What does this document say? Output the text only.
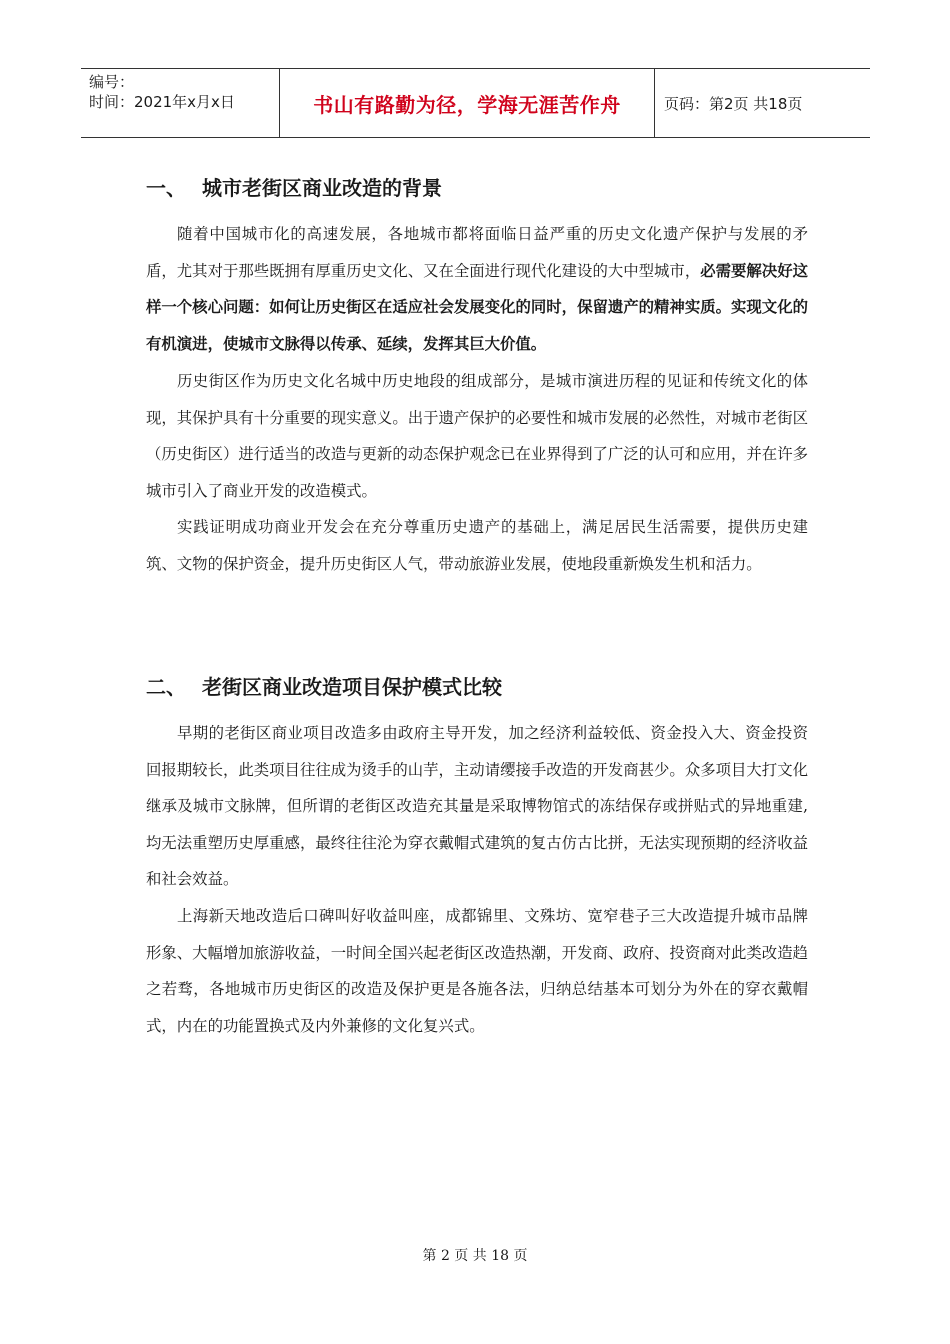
编号：
时间：2021年x月x日	书山有路勤为径，学海无涯苦作舟	页码：第2页 共18页
一、 城市老街区商业改造的背景

随着中国城市化的高速发展，各地城市都将面临日益严重的历史文化遗产保护与发展的矛盾，尤其对于那些既拥有厚重历史文化、又在全面进行现代化建设的大中型城市，必需要解决好这样一个核心问题：如何让历史街区在适应社会发展变化的同时，保留遗产的精神实质。实现文化的有机演进，使城市文脉得以传承、延续，发挥其巨大价值。

历史街区作为历史文化名城中历史地段的组成部分，是城市演进历程的见证和传统文化的体现，其保护具有十分重要的现实意义。出于遗产保护的必要性和城市发展的必然性，对城市老街区（历史街区）进行适当的改造与更新的动态保护观念已在业界得到了广泛的认可和应用，并在许多城市引入了商业开发的改造模式。

实践证明成功商业开发会在充分尊重历史遗产的基础上，满足居民生活需要，提供历史建筑、文物的保护资金，提升历史街区人气，带动旅游业发展，使地段重新焕发生机和活力。

二、 老街区商业改造项目保护模式比较

早期的老街区商业项目改造多由政府主导开发，加之经济利益较低、资金投入大、资金投资回报期较长，此类项目往往成为烫手的山芋，主动请缨接手改造的开发商甚少。众多项目大打文化继承及城市文脉牌，但所谓的老街区改造充其量是采取博物馆式的冻结保存或拼贴式的异地重建,均无法重塑历史厚重感，最终往往沦为穿衣戴帽式建筑的复古仿古比拼，无法实现预期的经济收益和社会效益。

上海新天地改造后口碑叫好收益叫座，成都锦里、文殊坊、宽窄巷子三大改造提升城市品牌形象、大幅增加旅游收益，一时间全国兴起老街区改造热潮，开发商、政府、投资商对此类改造趋之若骛，各地城市历史街区的改造及保护更是各施各法，归纳总结基本可划分为外在的穿衣戴帽式，内在的功能置换式及内外兼修的文化复兴式。

第 2 页 共 18 页
